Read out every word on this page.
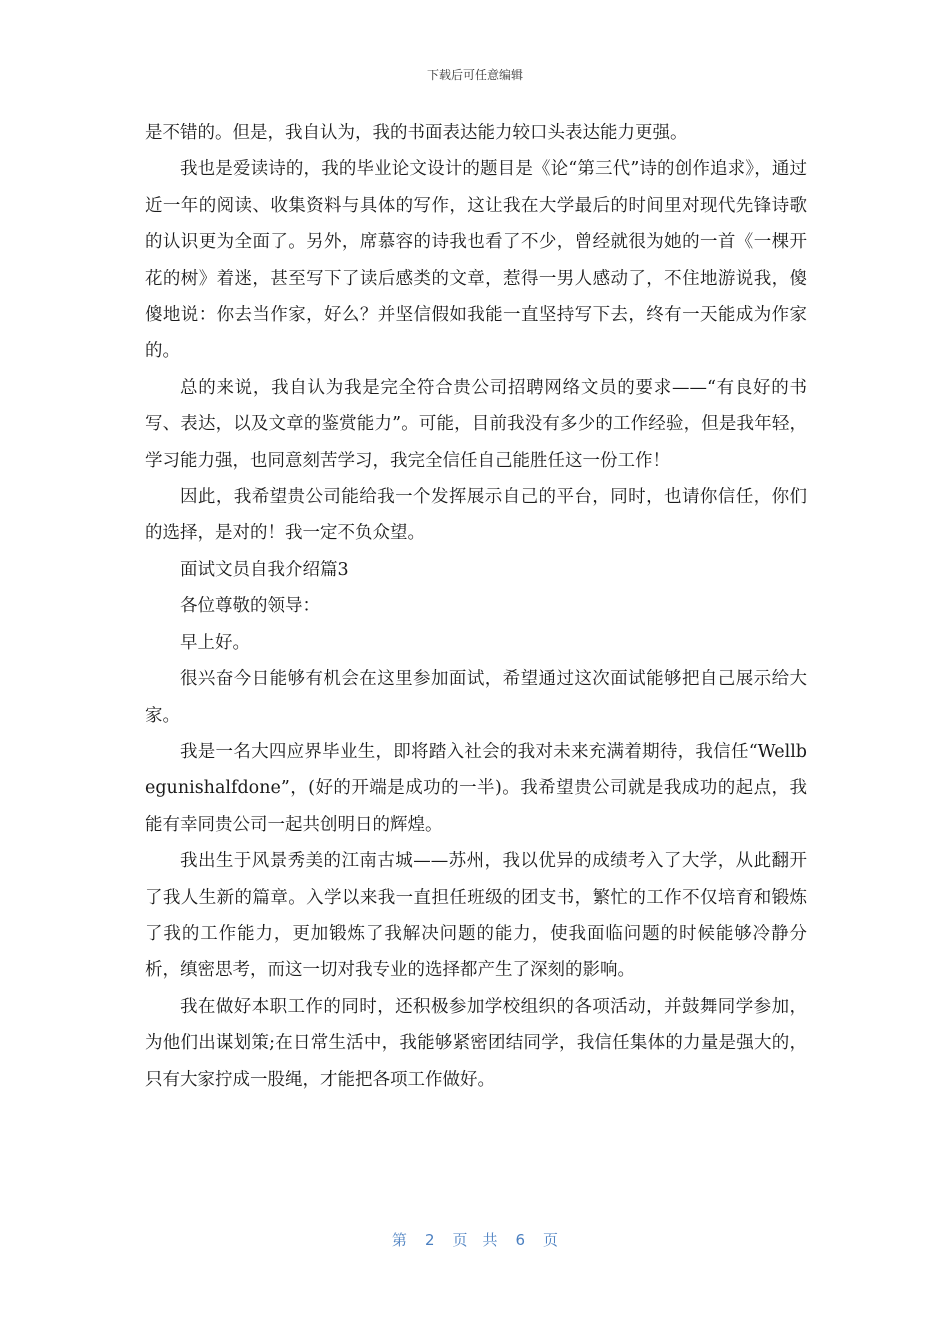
下载后可任意编辑

是不错的。但是，我自认为，我的书面表达能力较口头表达能力更强。

我也是爱读诗的，我的毕业论文设计的题目是《论“第三代”诗的创作追求》，通过近一年的阅读、收集资料与具体的写作，这让我在大学最后的时间里对现代先锋诗歌的认识更为全面了。另外，席慕容的诗我也看了不少，曾经就很为她的一首《一棵开花的树》着迷，甚至写下了读后感类的文章，惹得一男人感动了，不住地游说我，傻傻地说：你去当作家，好么？并坚信假如我能一直坚持写下去，终有一天能成为作家的。

总的来说，我自认为我是完全符合贵公司招聘网络文员的要求——“有良好的书写、表达，以及文章的鉴赏能力”。可能，目前我没有多少的工作经验，但是我年轻，学习能力强，也同意刻苦学习，我完全信任自己能胜任这一份工作！

因此，我希望贵公司能给我一个发挥展示自己的平台，同时，也请你信任，你们的选择，是对的！我一定不负众望。

面试文员自我介绍篇3

各位尊敬的领导：

早上好。

很兴奋今日能够有机会在这里参加面试，希望通过这次面试能够把自己展示给大家。

我是一名大四应界毕业生，即将踏入社会的我对未来充满着期待，我信任“Wellbegunishalfdone”，(好的开端是成功的一半)。我希望贵公司就是我成功的起点，我能有幸同贵公司一起共创明日的辉煌。

我出生于风景秀美的江南古城——苏州，我以优异的成绩考入了大学，从此翻开了我人生新的篇章。入学以来我一直担任班级的团支书，繁忙的工作不仅培育和锻炼了我的工作能力，更加锻炼了我解决问题的能力，使我面临问题的时候能够冷静分析，缜密思考，而这一切对我专业的选择都产生了深刻的影响。

我在做好本职工作的同时，还积极参加学校组织的各项活动，并鼓舞同学参加，为他们出谋划策;在日常生活中，我能够紧密团结同学，我信任集体的力量是强大的，只有大家拧成一股绳，才能把各项工作做好。

第 2 页  共 6 页
